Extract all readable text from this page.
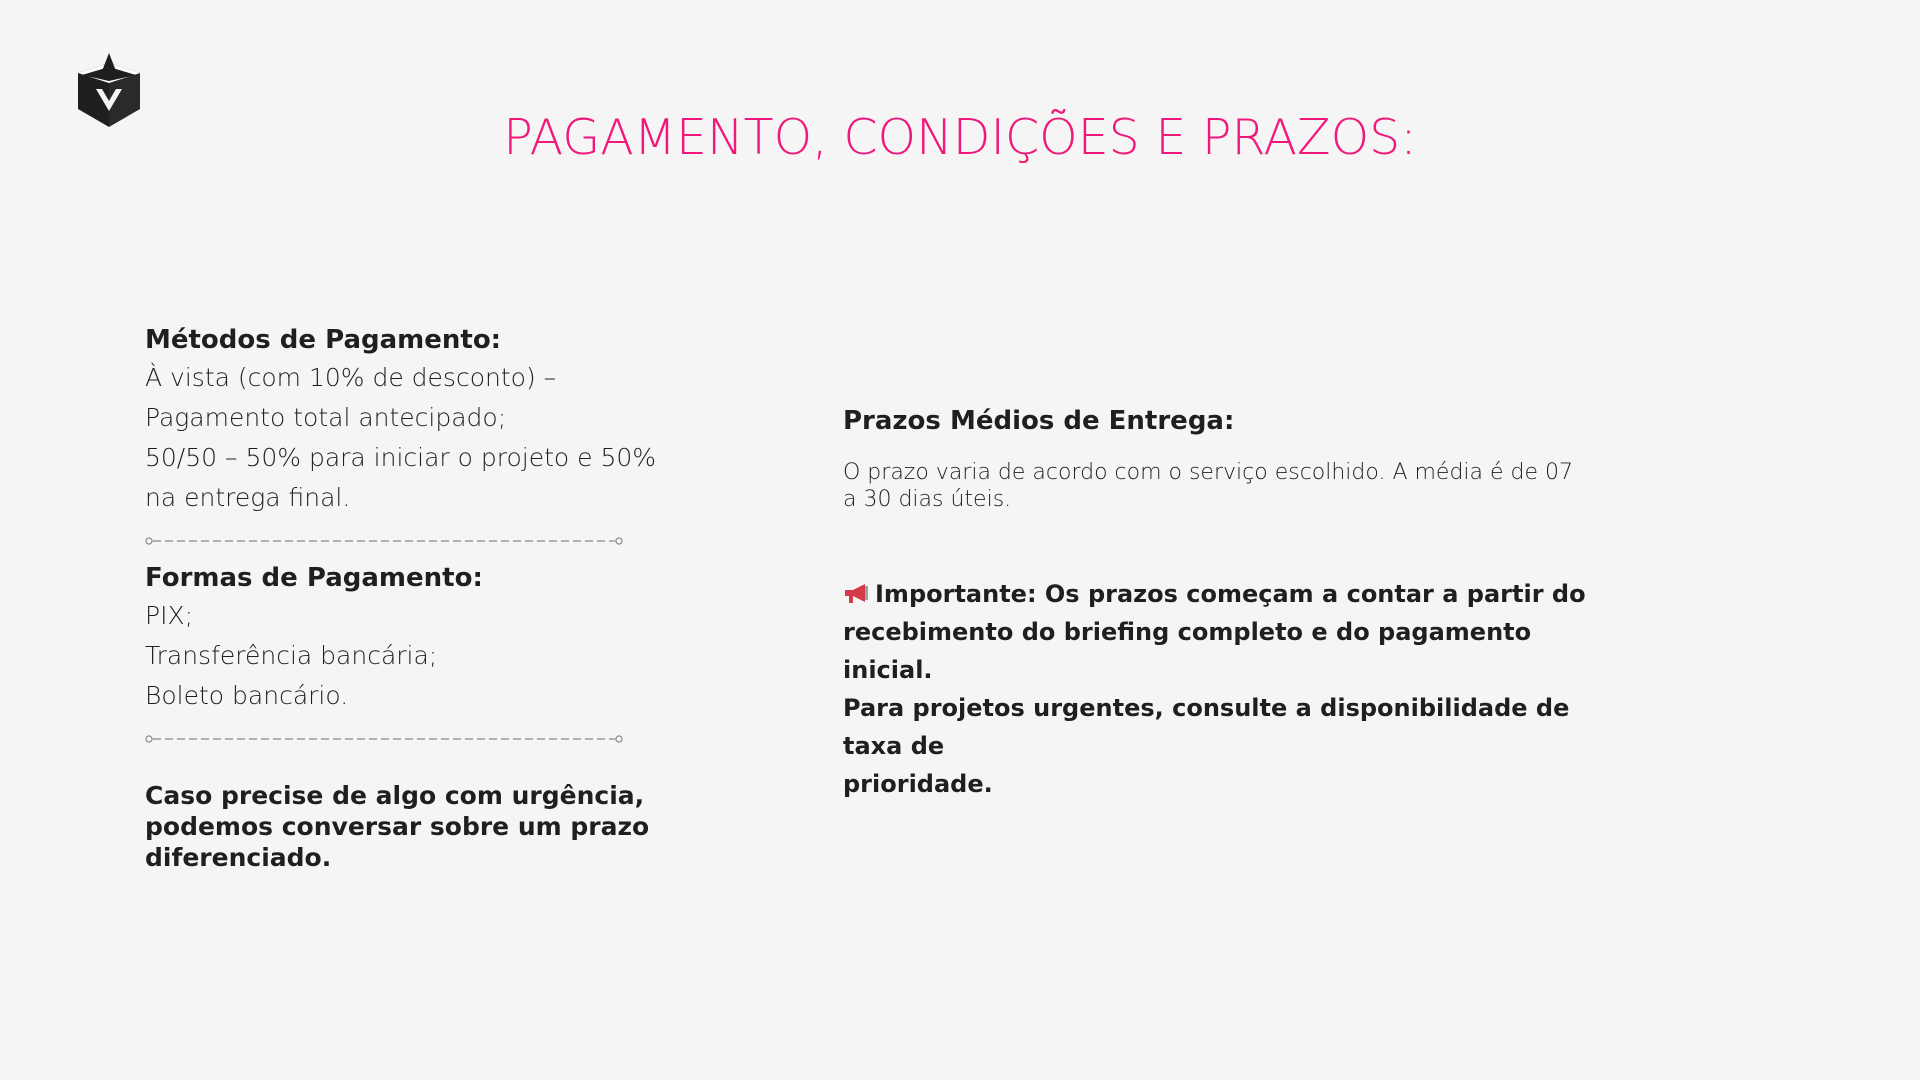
PAGAMENTO, CONDIÇÕES E PRAZOS:

Métodos de Pagamento:

À vista (com 10% de desconto) –

Pagamento total antecipado;

50/50 – 50% para iniciar o projeto e 50%

na entrega final.

Formas de Pagamento:

PIX;

Transferência bancária;

Boleto bancário.

Caso precise de algo com urgência,

podemos conversar sobre um prazo

diferenciado.

Prazos Médios de Entrega:

O prazo varia de acordo com o serviço escolhido. A média é de 07

a 30 dias úteis.

Importante: Os prazos começam a contar a partir do

recebimento do briefing completo e do pagamento inicial.

Para projetos urgentes, consulte a disponibilidade de taxa de

prioridade.
